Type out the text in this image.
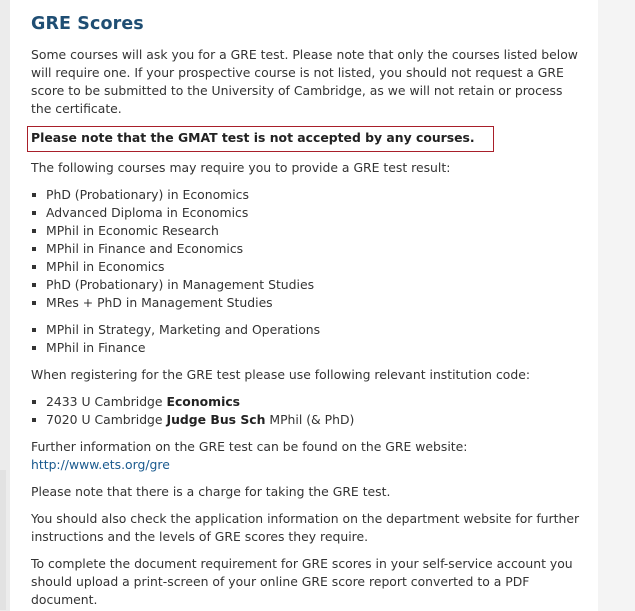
GRE Scores

Some courses will ask you for a GRE test. Please note that only the courses listed below will require one. If your prospective course is not listed, you should not request a GRE score to be submitted to the University of Cambridge, as we will not retain or process the certificate.

Please note that the GMAT test is not accepted by any courses.

The following courses may require you to provide a GRE test result:

PhD (Probationary) in Economics
Advanced Diploma in Economics
MPhil in Economic Research
MPhil in Finance and Economics
MPhil in Economics
PhD (Probationary) in Management Studies
MRes + PhD in Management Studies
MPhil in Strategy, Marketing and Operations
MPhil in Finance

When registering for the GRE test please use following relevant institution code:

2433 U Cambridge Economics
7020 U Cambridge Judge Bus Sch MPhil (& PhD)

Further information on the GRE test can be found on the GRE website:

http://www.ets.org/gre

Please note that there is a charge for taking the GRE test.

You should also check the application information on the department website for further instructions and the levels of GRE scores they require.

To complete the document requirement for GRE scores in your self-service account you should upload a print-screen of your online GRE score report converted to a PDF document.
